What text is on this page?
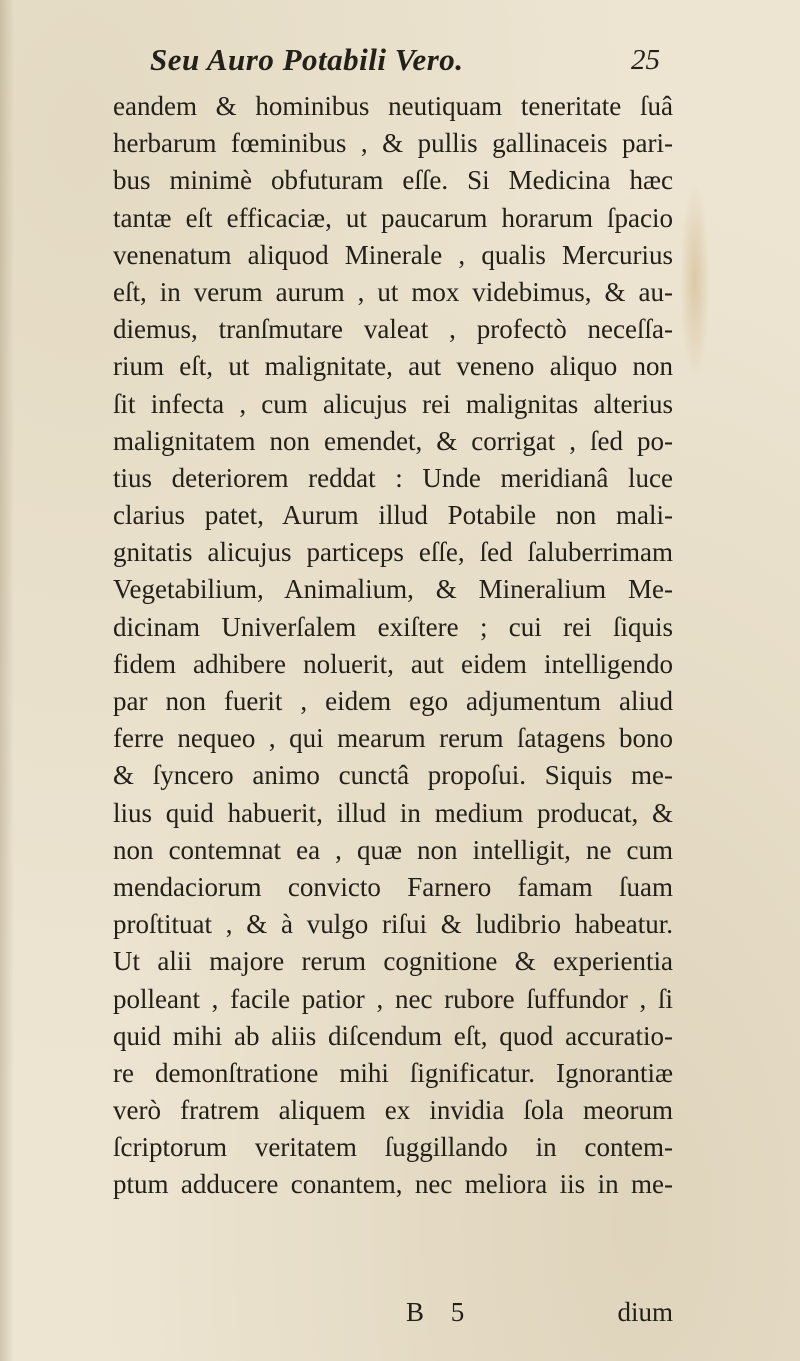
Seu Auro Potabili Vero.	25
eandem & hominibus neutiquam teneritate ſuâ
herbarum fœminibus , & pullis gallinaceis pari-
bus minimè obfuturam eſſe. Si Medicina hæc
tantæ eſt efficaciæ, ut paucarum horarum ſpacio
venenatum aliquod Minerale , qualis Mercurius
eſt, in verum aurum , ut mox videbimus, & au-
diemus, tranſmutare valeat , profectò neceſſa-
rium eſt, ut malignitate, aut veneno aliquo non
ſit infecta , cum alicujus rei malignitas alterius
malignitatem non emendet, & corrigat , ſed po-
tius deteriorem reddat : Unde meridianâ luce
clarius patet, Aurum illud Potabile non mali-
gnitatis alicujus particeps eſſe, ſed ſaluberrimam
Vegetabilium, Animalium, & Mineralium Me-
dicinam Univerſalem exiſtere ; cui rei ſiquis
fidem adhibere noluerit, aut eidem intelligendo
par non fuerit , eidem ego adjumentum aliud
ferre nequeo , qui mearum rerum ſatagens bono
& ſyncero animo cunctâ propoſui. Siquis me-
lius quid habuerit, illud in medium producat, &
non contemnat ea , quæ non intelligit, ne cum
mendaciorum convicto Farnero famam ſuam
proſtituat , & à vulgo riſui & ludibrio habeatur.
Ut alii majore rerum cognitione & experientia
polleant , facile patior , nec rubore ſuffundor , ſi
quid mihi ab aliis diſcendum eſt, quod accuratio-
re demonſtratione mihi ſignificatur. Ignorantiæ
verò fratrem aliquem ex invidia ſola meorum
ſcriptorum veritatem ſuggillando in contem-
ptum adducere conantem, nec meliora iis in me-
B 5	dium
